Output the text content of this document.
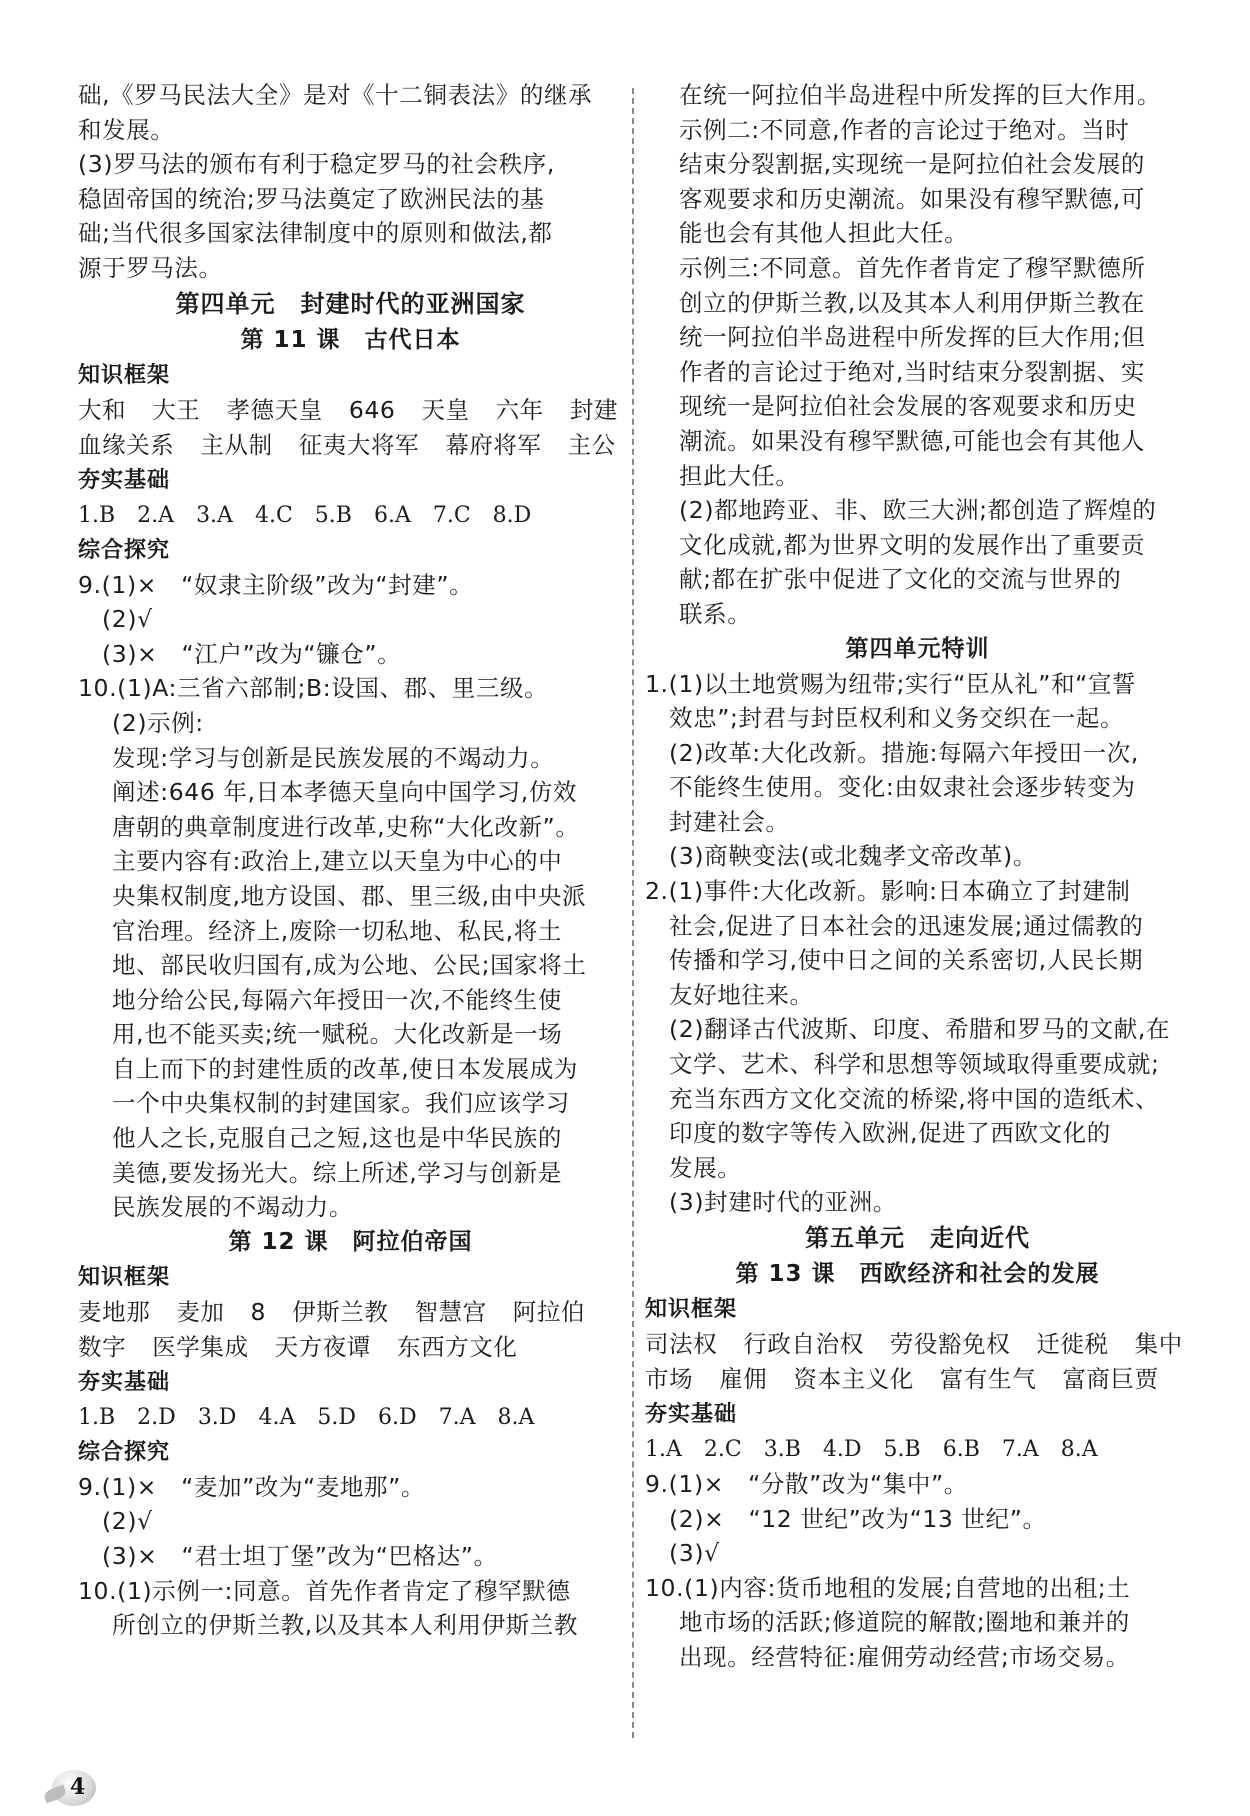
础,《罗马民法大全》是对《十二铜表法》的继承

和发展。

(3)罗马法的颁布有利于稳定罗马的社会秩序,

稳固帝国的统治;罗马法奠定了欧洲民法的基

础;当代很多国家法律制度中的原则和做法,都

源于罗马法。

第四单元　封建时代的亚洲国家

第 11 课　古代日本

知识框架

大和 大王 孝德天皇 646 天皇 六年 封建
血缘关系 主从制 征夷大将军 幕府将军 主公

夯实基础

1.B 2.A 3.A 4.C 5.B 6.A 7.C 8.D

综合探究

9.(1)×　“奴隶主阶级”改为“封建”。

(2)√

(3)×　“江户”改为“镰仓”。

10.(1)A:三省六部制;B:设国、郡、里三级。

(2)示例:

发现:学习与创新是民族发展的不竭动力。

阐述:646 年,日本孝德天皇向中国学习,仿效

唐朝的典章制度进行改革,史称“大化改新”。

主要内容有:政治上,建立以天皇为中心的中

央集权制度,地方设国、郡、里三级,由中央派

官治理。经济上,废除一切私地、私民,将土

地、部民收归国有,成为公地、公民;国家将土

地分给公民,每隔六年授田一次,不能终生使

用,也不能买卖;统一赋税。大化改新是一场

自上而下的封建性质的改革,使日本发展成为

一个中央集权制的封建国家。我们应该学习

他人之长,克服自己之短,这也是中华民族的

美德,要发扬光大。综上所述,学习与创新是

民族发展的不竭动力。

第 12 课　阿拉伯帝国

知识框架

麦地那 麦加 8 伊斯兰教 智慧宫 阿拉伯
数字 医学集成 天方夜谭 东西方文化

夯实基础

1.B 2.D 3.D 4.A 5.D 6.D 7.A 8.A

综合探究

9.(1)×　“麦加”改为“麦地那”。

(2)√

(3)×　“君士坦丁堡”改为“巴格达”。

10.(1)示例一:同意。首先作者肯定了穆罕默德

所创立的伊斯兰教,以及其本人利用伊斯兰教

在统一阿拉伯半岛进程中所发挥的巨大作用。

示例二:不同意,作者的言论过于绝对。当时

结束分裂割据,实现统一是阿拉伯社会发展的

客观要求和历史潮流。如果没有穆罕默德,可

能也会有其他人担此大任。

示例三:不同意。首先作者肯定了穆罕默德所

创立的伊斯兰教,以及其本人利用伊斯兰教在

统一阿拉伯半岛进程中所发挥的巨大作用;但

作者的言论过于绝对,当时结束分裂割据、实

现统一是阿拉伯社会发展的客观要求和历史

潮流。如果没有穆罕默德,可能也会有其他人

担此大任。

(2)都地跨亚、非、欧三大洲;都创造了辉煌的

文化成就,都为世界文明的发展作出了重要贡

献;都在扩张中促进了文化的交流与世界的

联系。

第四单元特训

1.(1)以土地赏赐为纽带;实行“臣从礼”和“宣誓

效忠”;封君与封臣权利和义务交织在一起。

(2)改革:大化改新。措施:每隔六年授田一次,

不能终生使用。变化:由奴隶社会逐步转变为

封建社会。

(3)商鞅变法(或北魏孝文帝改革)。

2.(1)事件:大化改新。影响:日本确立了封建制

社会,促进了日本社会的迅速发展;通过儒教的

传播和学习,使中日之间的关系密切,人民长期

友好地往来。

(2)翻译古代波斯、印度、希腊和罗马的文献,在

文学、艺术、科学和思想等领域取得重要成就;

充当东西方文化交流的桥梁,将中国的造纸术、

印度的数字等传入欧洲,促进了西欧文化的

发展。

(3)封建时代的亚洲。

第五单元　走向近代

第 13 课　西欧经济和社会的发展

知识框架

司法权 行政自治权 劳役豁免权 迁徙税 集中
市场 雇佣 资本主义化 富有生气 富商巨贾

夯实基础

1.A 2.C 3.B 4.D 5.B 6.B 7.A 8.A

9.(1)×　“分散”改为“集中”。

(2)×　“12 世纪”改为“13 世纪”。

(3)√

10.(1)内容:货币地租的发展;自营地的出租;土

地市场的活跃;修道院的解散;圈地和兼并的

出现。经营特征:雇佣劳动经营;市场交易。

4
